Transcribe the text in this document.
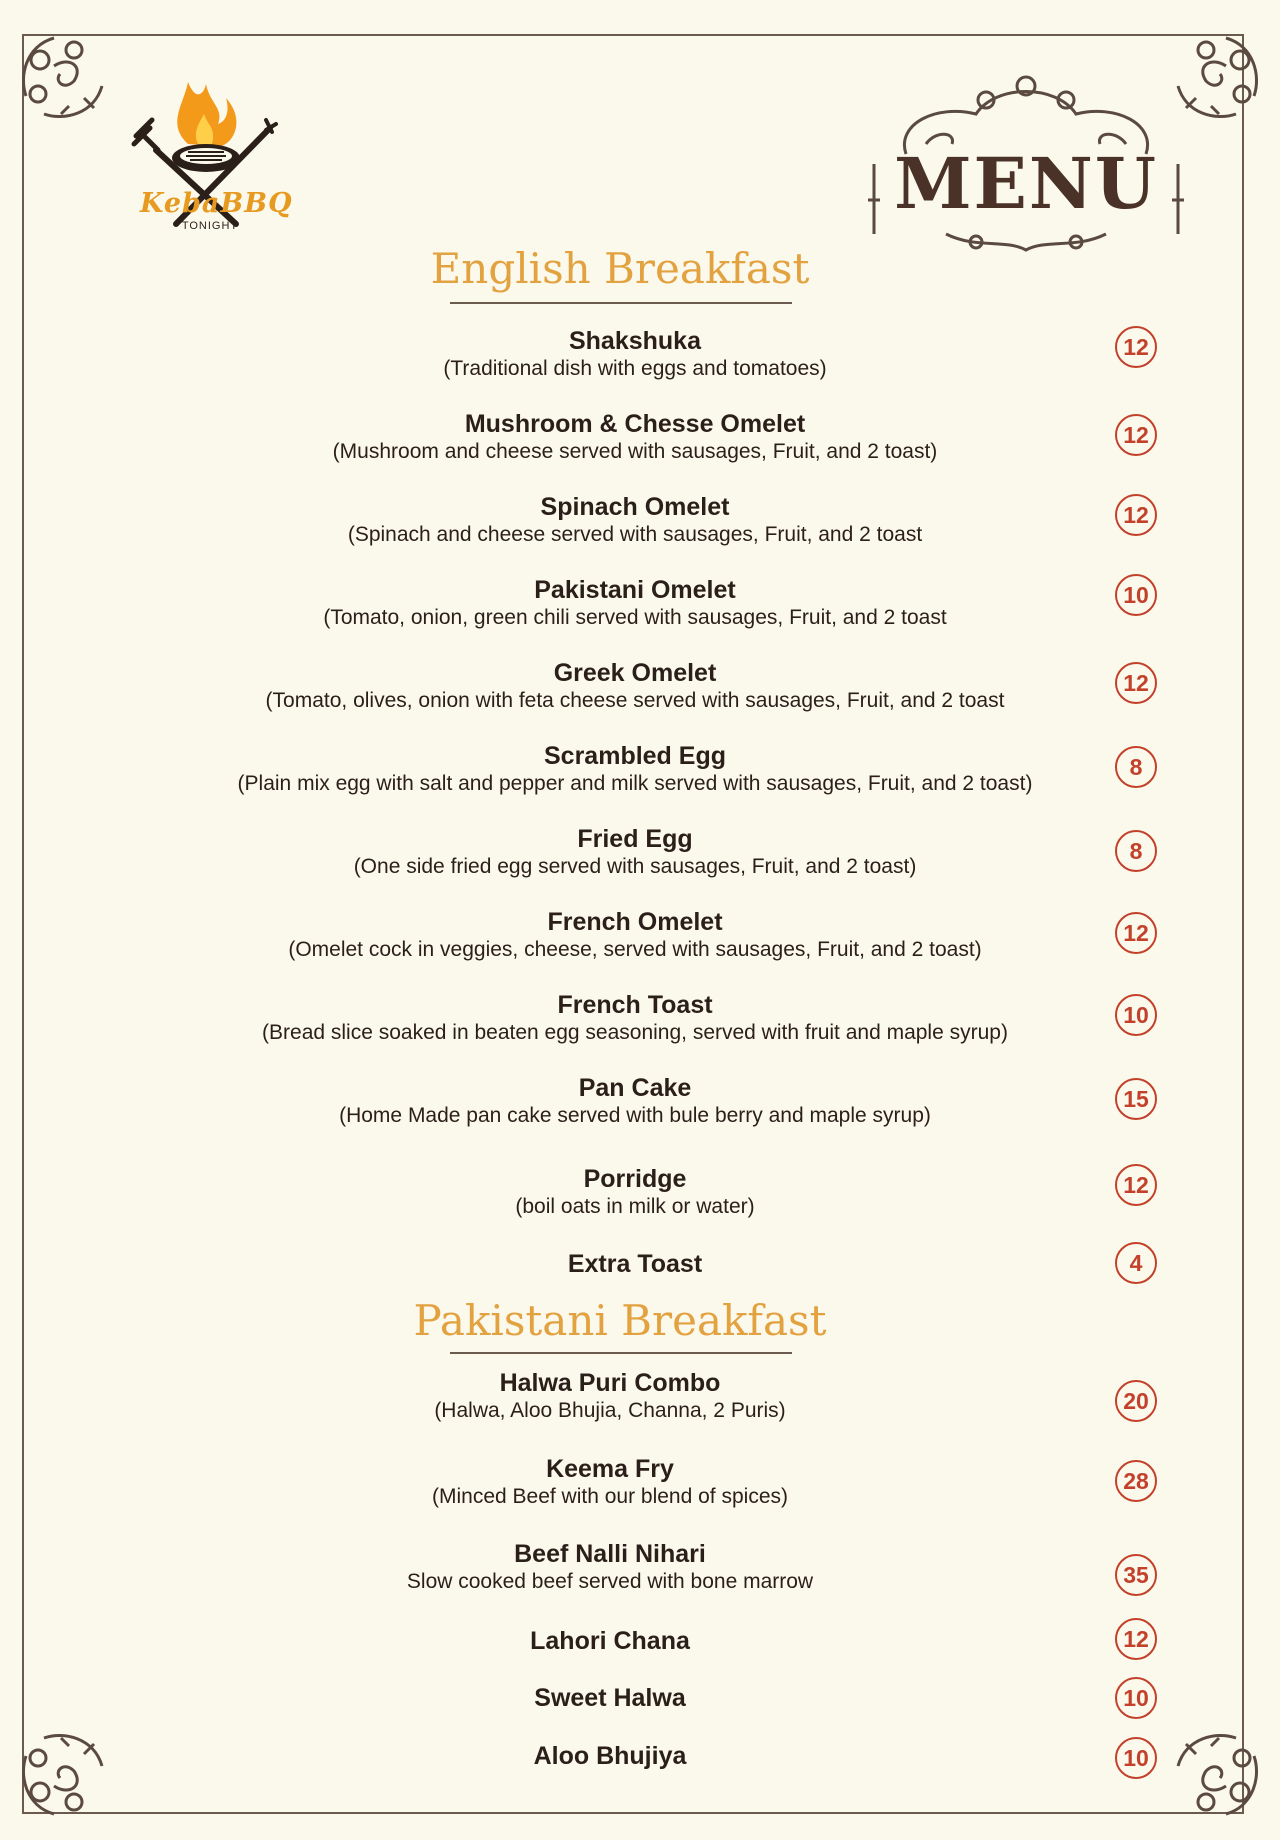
KebaBBQ
TONIGHT
MENU
English Breakfast
Shakshuka
(Traditional dish with eggs and tomatoes)
12
Mushroom & Chesse Omelet
(Mushroom and cheese served with sausages, Fruit, and 2 toast)
12
Spinach Omelet
(Spinach and cheese served with sausages, Fruit, and 2 toast
12
Pakistani Omelet
(Tomato, onion, green chili served with sausages, Fruit, and 2 toast
10
Greek Omelet
(Tomato, olives, onion with feta cheese served with sausages, Fruit, and 2 toast
12
Scrambled Egg
(Plain mix egg with salt and pepper and milk served with sausages, Fruit, and 2 toast)
8
Fried Egg
(One side fried egg served with sausages, Fruit, and 2 toast)
8
French Omelet
(Omelet cock in veggies, cheese, served with sausages, Fruit, and 2 toast)
12
French Toast
(Bread slice soaked in beaten egg seasoning, served with fruit and maple syrup)
10
Pan Cake
(Home Made pan cake served with bule berry and maple syrup)
15
Porridge
(boil oats in milk or water)
12
Extra Toast	4
Pakistani Breakfast
Halwa Puri Combo
(Halwa, Aloo Bhujia, Channa, 2 Puris)	20
Keema Fry
(Minced Beef with our blend of spices)
28
Beef Nalli Nihari
Slow cooked beef served with bone marrow	35
Lahori Chana	12
Sweet Halwa	10
Aloo Bhujiya	10
